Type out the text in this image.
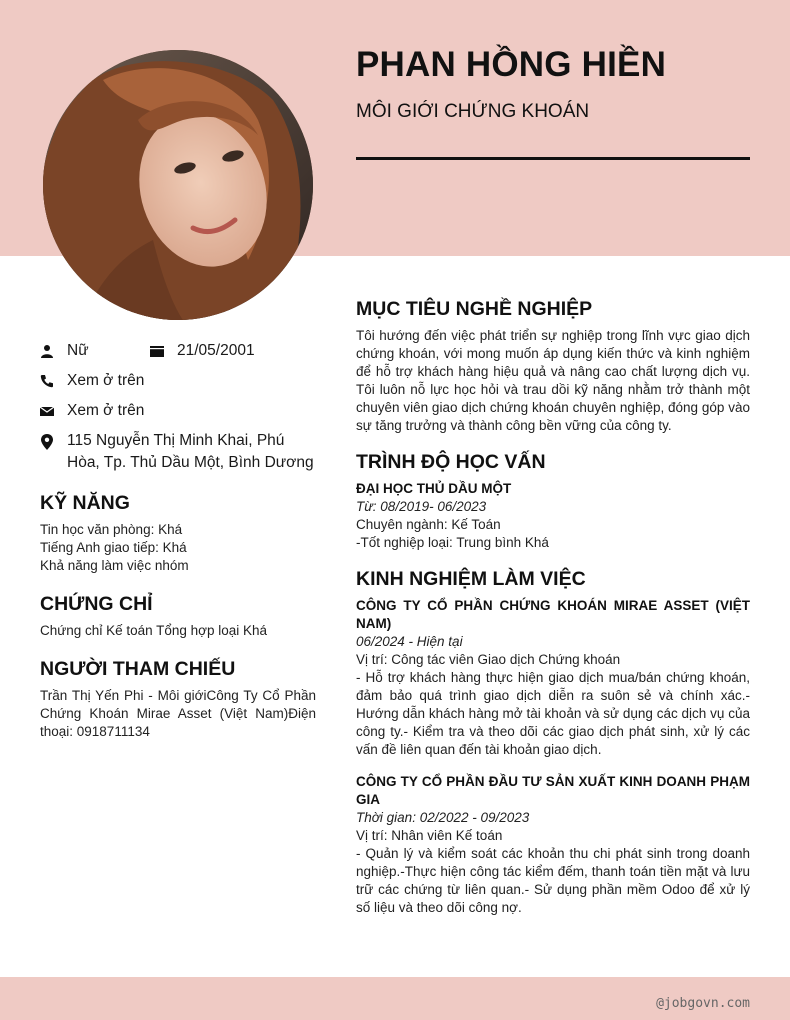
PHAN HỒNG HIỀN
MÔI GIỚI CHỨNG KHOÁN
Nữ	21/05/2001
Xem ở trên
Xem ở trên
115 Nguyễn Thị Minh Khai, Phú Hòa, Tp. Thủ Dầu Một, Bình Dương
KỸ NĂNG
Tin học văn phòng: Khá
Tiếng Anh giao tiếp: Khá
Khả năng làm việc nhóm
CHỨNG CHỈ
Chứng chỉ Kế toán Tổng hợp loại Khá
NGƯỜI THAM CHIẾU
Trần Thị Yến Phi - Môi giớiCông Ty Cổ Phần Chứng Khoán Mirae Asset (Việt Nam)Điện thoại: 0918711134
MỤC TIÊU NGHỀ NGHIỆP
Tôi hướng đến việc phát triển sự nghiệp trong lĩnh vực giao dịch chứng khoán, với mong muốn áp dụng kiến thức và kinh nghiệm để hỗ trợ khách hàng hiệu quả và nâng cao chất lượng dịch vụ. Tôi luôn nỗ lực học hỏi và trau dồi kỹ năng nhằm trở thành một chuyên viên giao dịch chứng khoán chuyên nghiệp, đóng góp vào sự tăng trưởng và thành công bền vững của công ty.
TRÌNH ĐỘ HỌC VẤN
ĐẠI HỌC THỦ DẦU MỘT
Từ: 08/2019- 06/2023
Chuyên ngành: Kế Toán
-Tốt nghiệp loại: Trung bình Khá
KINH NGHIỆM LÀM VIỆC
CÔNG TY CỔ PHẦN CHỨNG KHOÁN MIRAE ASSET (VIỆT NAM)
06/2024 - Hiện tại
Vị trí: Công tác viên Giao dịch Chứng khoán
- Hỗ trợ khách hàng thực hiện giao dịch mua/bán chứng khoán, đảm bảo quá trình giao dịch diễn ra suôn sẻ và chính xác.- Hướng dẫn khách hàng mở tài khoản và sử dụng các dịch vụ của công ty.- Kiểm tra và theo dõi các giao dịch phát sinh, xử lý các vấn đề liên quan đến tài khoản giao dịch.
CÔNG TY CỔ PHẦN ĐẦU TƯ SẢN XUẤT KINH DOANH PHẠM GIA
Thời gian: 02/2022 - 09/2023
Vị trí: Nhân viên Kế toán
- Quản lý và kiểm soát các khoản thu chi phát sinh trong doanh nghiệp.-Thực hiện công tác kiểm đếm, thanh toán tiền mặt và lưu trữ các chứng từ liên quan.- Sử dụng phần mềm Odoo để xử lý số liệu và theo dõi công nợ.
@jobgovn.com
